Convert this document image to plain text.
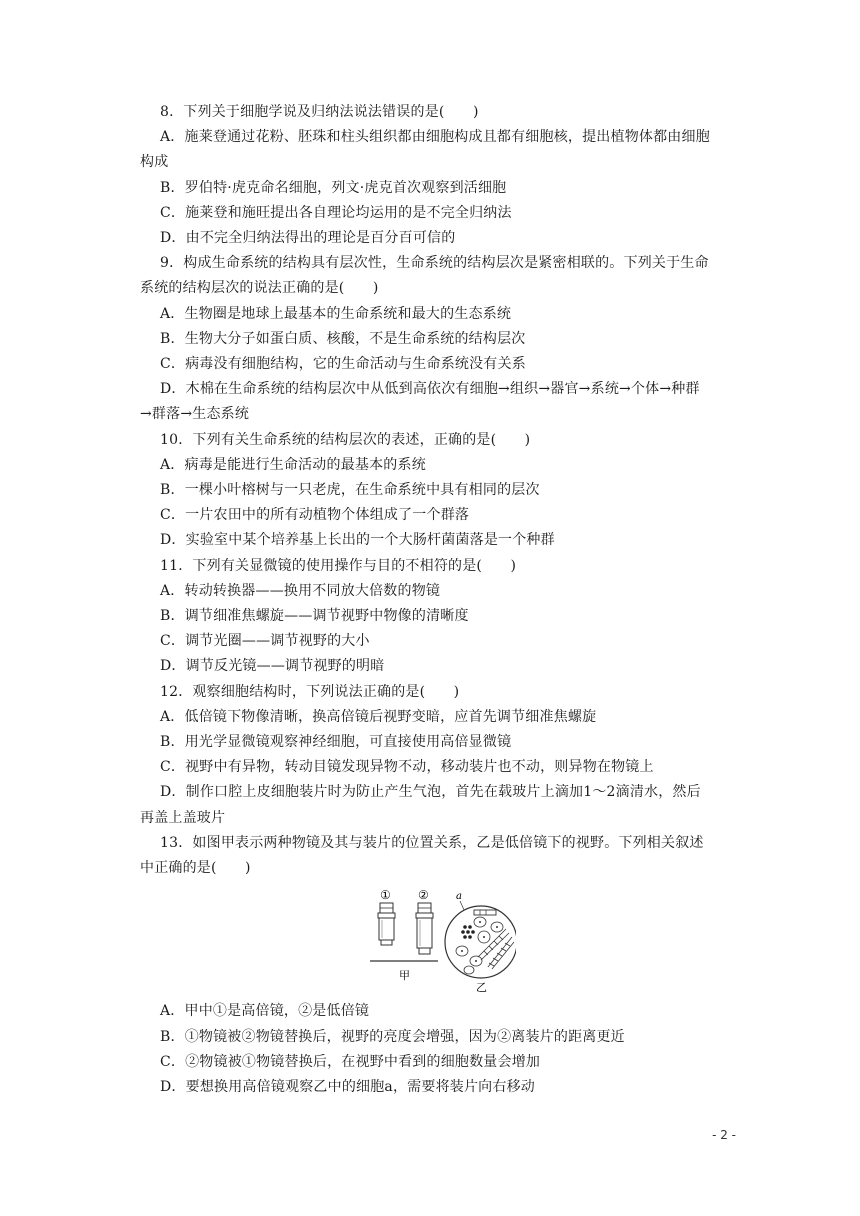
8．下列关于细胞学说及归纳法说法错误的是(　　)
A．施莱登通过花粉、胚珠和柱头组织都由细胞构成且都有细胞核，提出植物体都由细胞
构成
B．罗伯特·虎克命名细胞，列文·虎克首次观察到活细胞
C．施莱登和施旺提出各自理论均运用的是不完全归纳法
D．由不完全归纳法得出的理论是百分百可信的
9．构成生命系统的结构具有层次性，生命系统的结构层次是紧密相联的。下列关于生命
系统的结构层次的说法正确的是(　　)
A．生物圈是地球上最基本的生命系统和最大的生态系统
B．生物大分子如蛋白质、核酸，不是生命系统的结构层次
C．病毒没有细胞结构，它的生命活动与生命系统没有关系
D．木棉在生命系统的结构层次中从低到高依次有细胞→组织→器官→系统→个体→种群
→群落→生态系统
10．下列有关生命系统的结构层次的表述，正确的是(　　)
A．病毒是能进行生命活动的最基本的系统
B．一棵小叶榕树与一只老虎，在生命系统中具有相同的层次
C．一片农田中的所有动植物个体组成了一个群落
D．实验室中某个培养基上长出的一个大肠杆菌菌落是一个种群
11．下列有关显微镜的使用操作与目的不相符的是(　　)
A．转动转换器——换用不同放大倍数的物镜
B．调节细准焦螺旋——调节视野中物像的清晰度
C．调节光圈——调节视野的大小
D．调节反光镜——调节视野的明暗
12．观察细胞结构时，下列说法正确的是(　　)
A．低倍镜下物像清晰，换高倍镜后视野变暗，应首先调节细准焦螺旋
B．用光学显微镜观察神经细胞，可直接使用高倍显微镜
C．视野中有异物，转动目镜发现异物不动，移动装片也不动，则异物在物镜上
D．制作口腔上皮细胞装片时为防止产生气泡，首先在载玻片上滴加1～2滴清水，然后
再盖上盖玻片
13．如图甲表示两种物镜及其与装片的位置关系，乙是低倍镜下的视野。下列相关叙述
中正确的是(　　)
① ②
甲
a
乙
A．甲中①是高倍镜，②是低倍镜
B．①物镜被②物镜替换后，视野的亮度会增强，因为②离装片的距离更近
C．②物镜被①物镜替换后，在视野中看到的细胞数量会增加
D．要想换用高倍镜观察乙中的细胞a，需要将装片向右移动
- 2 -
